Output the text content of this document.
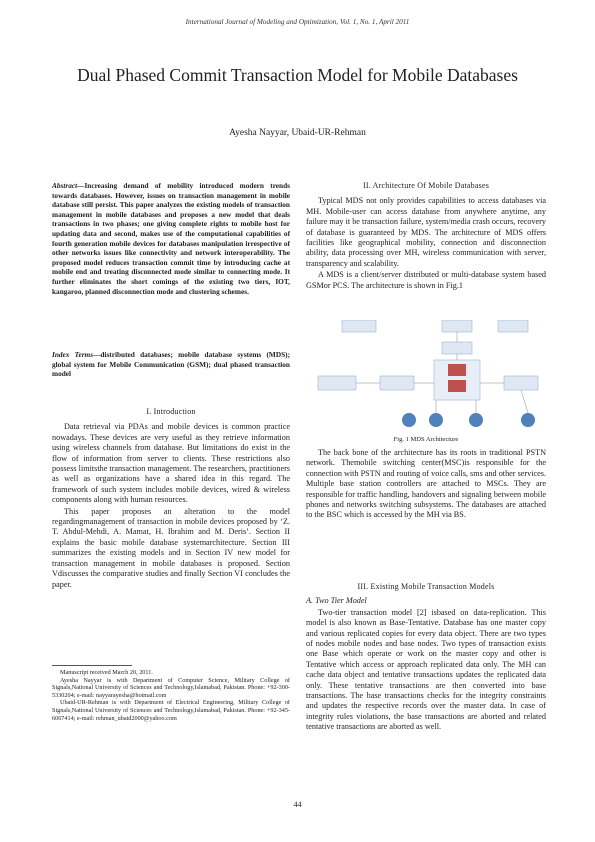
International Journal of Modeling and Optimization, Vol. 1, No. 1, April 2011
Dual Phased Commit Transaction Model for Mobile Databases
Ayesha Nayyar, Ubaid-UR-Rehman
Abstract—Increasing demand of mobility introduced modern trends towards databases. However, issues on transaction management in mobile database still persist. This paper analyzes the existing models of transaction management in mobile databases and proposes a new model that deals transactions in two phases; one giving complete rights to mobile host for updating data and second, makes use of the computational capabilities of fourth generation mobile devices for databases manipulation irrespective of other networks issues like connectivity and network interoperability. The proposed model reduces transaction commit time by introducing cache at mobile end and treating disconnected mode similar to connecting mode. It further eliminates the short comings of the existing two tiers, IOT, kangaroo, planned disconnection mode and clustering schemes.
Index Terms—distributed databases; mobile database systems (MDS); global system for Mobile Communication (GSM); dual phased transaction model
I. Introduction
Data retrieval via PDAs and mobile devices is common practice nowadays. These devices are very useful as they retrieve information using wireless channels from database. But limitations do exist in the flow of information from server to clients. These restrictions also possess limitsthe transaction management. The researchers, practitioners as well as organizations have a shared idea in this regard. The framework of such system includes mobile devices, wired & wireless components along with human resources.
This paper proposes an alteration to the model regardingmanagement of transaction in mobile devices proposed by ‘Z. T. Abdul-Mehdi, A. Mamat, H. Ibrahim and M. Deris’. Section II explains the basic mobile database systemarchitecture. Section III summarizes the existing models and in Section IV new model for transaction management in mobile databases is proposed. Section Vdiscusses the comparative studies and finally Section VI concludes the paper.
Manuscript received March 20, 2011.
Ayesha Nayyar is with Department of Computer Science, Military College of Signals,National University of Sciences and Technology,Islamabad, Pakistan. Phone: +92-300-5330204; e-mail: nayyarayesha@hotmail.com
Ubaid-UR-Rehman is with Department of Electrical Engineering, Military College of Signals,National University of Sciences and Technology,Islamabad, Pakistan. Phone: +92-345-6067414; e-mail: rehman_ubaid2000@yahoo.com
II. Architecture Of Mobile Databases
Typical MDS not only provides capabilities to access databases via MH. Mobile-user can access database from anywhere anytime, any failure may it be transaction failure, system/media crash occurs, recovery of database is guaranteed by MDS. The architecture of MDS offers facilities like geographical mobility, connection and disconnection ability, data processing over MH, wireless communication with server, transparency and scalability.
A MDS is a client/server distributed or multi-database system based GSMor PCS. The architecture is shown in Fig.1
Fig. 1 MDS Architecture
The back bone of the architecture has its roots in traditional PSTN network. Themobile switching center(MSC)is responsible for the connection with PSTN and routing of voice calls, sms and other services. Multiple base station controllers are attached to MSCs. They are responsible for traffic handling, handovers and signaling between mobile phones and networks switching subsystems. The databases are attached to the BSC which is accessed by the MH via BS.
III. Existing Mobile Transaction Models
A. Two Tier Model
Two-tier transaction model [2] isbased on data-replication. This model is also known as Base-Tentative. Database has one master copy and various replicated copies for every data object. There are two types of nodes mobile nodes and base nodes. Two types of transaction exists one Base which operate or work on the master copy and other is Tentative which access or approach replicated data only. The MH can cache data object and tentative transactions updates the replicated data only. These tentative transactions are then converted into base transactions. The base transactions checks for the integrity constraints and updates the respective records over the master data. In case of integrity rules violations, the base transactions are aborted and related tentative transactions are aborted as well.
44
